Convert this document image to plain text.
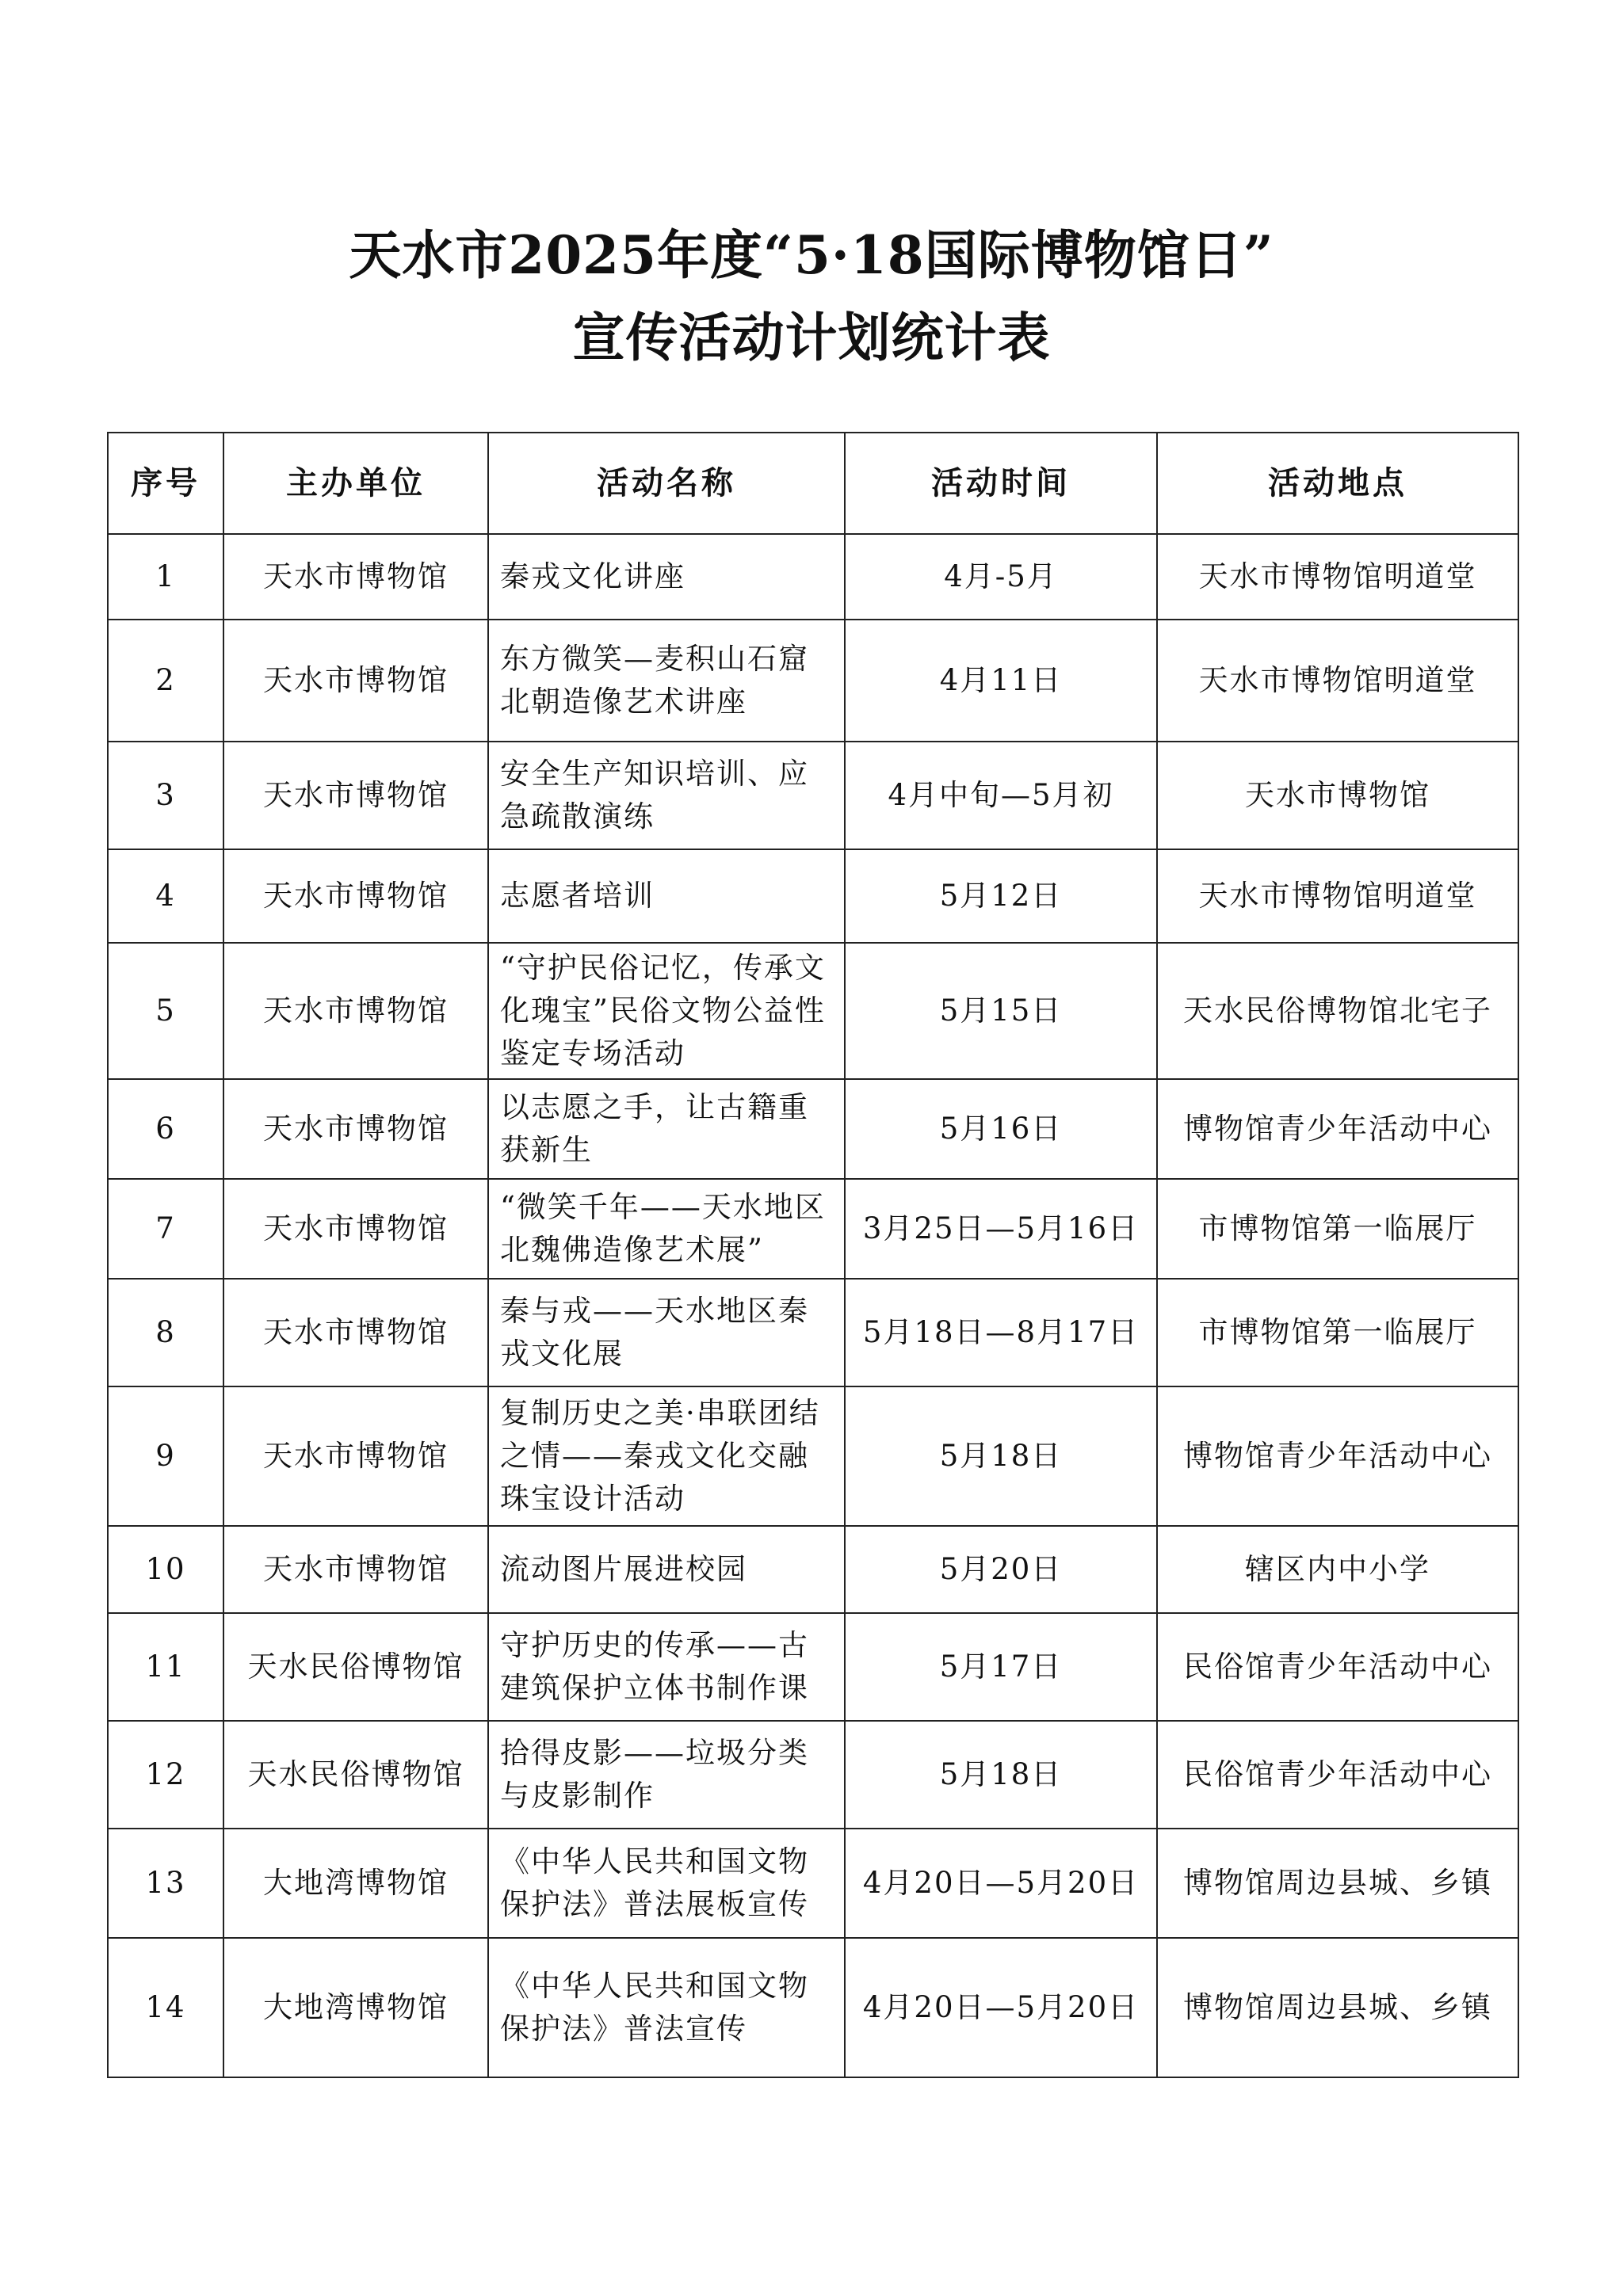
天水市2025年度“5·18国际博物馆日”
宣传活动计划统计表
序号	主办单位	活动名称	活动时间	活动地点
1	天水市博物馆	秦戎文化讲座	4月-5月	天水市博物馆明道堂
2	天水市博物馆	东方微笑—麦积山石窟北朝造像艺术讲座	4月11日	天水市博物馆明道堂
3	天水市博物馆	安全生产知识培训、应急疏散演练	4月中旬—5月初	天水市博物馆
4	天水市博物馆	志愿者培训	5月12日	天水市博物馆明道堂
5	天水市博物馆	“守护民俗记忆，传承文化瑰宝”民俗文物公益性鉴定专场活动	5月15日	天水民俗博物馆北宅子
6	天水市博物馆	以志愿之手，让古籍重获新生	5月16日	博物馆青少年活动中心
7	天水市博物馆	“微笑千年——天水地区北魏佛造像艺术展”	3月25日—5月16日	市博物馆第一临展厅
8	天水市博物馆	秦与戎——天水地区秦戎文化展	5月18日—8月17日	市博物馆第一临展厅
9	天水市博物馆	复制历史之美·串联团结之情——秦戎文化交融珠宝设计活动	5月18日	博物馆青少年活动中心
10	天水市博物馆	流动图片展进校园	5月20日	辖区内中小学
11	天水民俗博物馆	守护历史的传承——古建筑保护立体书制作课	5月17日	民俗馆青少年活动中心
12	天水民俗博物馆	拾得皮影——垃圾分类与皮影制作	5月18日	民俗馆青少年活动中心
13	大地湾博物馆	《中华人民共和国文物保护法》普法展板宣传	4月20日—5月20日	博物馆周边县城、乡镇
14	大地湾博物馆	《中华人民共和国文物保护法》普法宣传	4月20日—5月20日	博物馆周边县城、乡镇
